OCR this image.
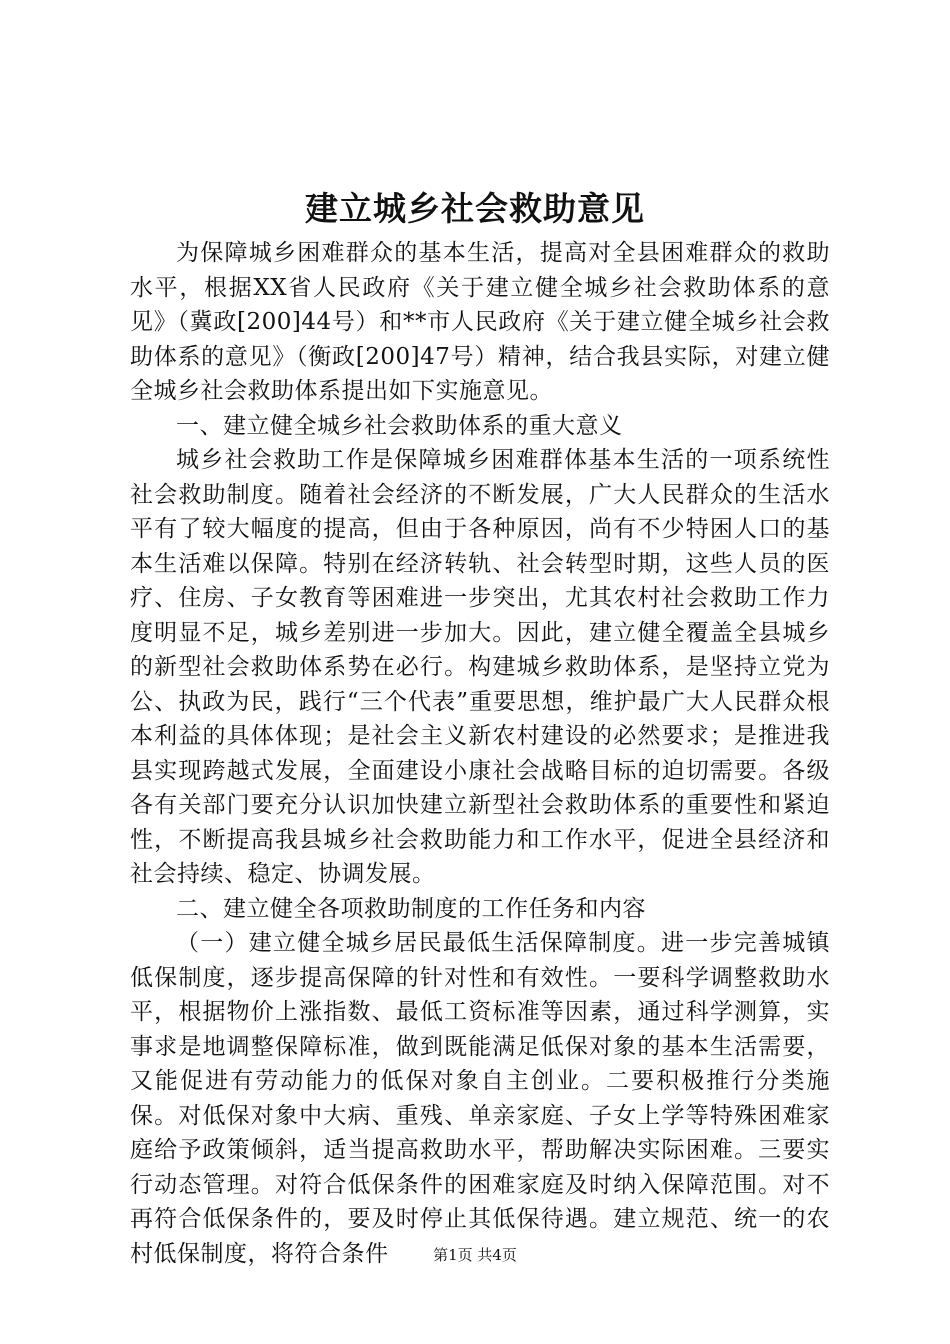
建立城乡社会救助意见

为保障城乡困难群众的基本生活，提高对全县困难群众的救助水平，根据XX省人民政府《关于建立健全城乡社会救助体系的意见》（冀政[200]44号）和**市人民政府《关于建立健全城乡社会救助体系的意见》（衡政[200]47号）精神，结合我县实际，对建立健全城乡社会救助体系提出如下实施意见。

一、建立健全城乡社会救助体系的重大意义

城乡社会救助工作是保障城乡困难群体基本生活的一项系统性社会救助制度。随着社会经济的不断发展，广大人民群众的生活水平有了较大幅度的提高，但由于各种原因，尚有不少特困人口的基本生活难以保障。特别在经济转轨、社会转型时期，这些人员的医疗、住房、子女教育等困难进一步突出，尤其农村社会救助工作力度明显不足，城乡差别进一步加大。因此，建立健全覆盖全县城乡的新型社会救助体系势在必行。构建城乡救助体系，是坚持立党为公、执政为民，践行“三个代表”重要思想，维护最广大人民群众根本利益的具体体现；是社会主义新农村建设的必然要求；是推进我县实现跨越式发展，全面建设小康社会战略目标的迫切需要。各级各有关部门要充分认识加快建立新型社会救助体系的重要性和紧迫性，不断提高我县城乡社会救助能力和工作水平，促进全县经济和社会持续、稳定、协调发展。

二、建立健全各项救助制度的工作任务和内容

（一）建立健全城乡居民最低生活保障制度。进一步完善城镇低保制度，逐步提高保障的针对性和有效性。一要科学调整救助水平，根据物价上涨指数、最低工资标准等因素，通过科学测算，实事求是地调整保障标准，做到既能满足低保对象的基本生活需要，又能促进有劳动能力的低保对象自主创业。二要积极推行分类施保。对低保对象中大病、重残、单亲家庭、子女上学等特殊困难家庭给予政策倾斜，适当提高救助水平，帮助解决实际困难。三要实行动态管理。对符合低保条件的困难家庭及时纳入保障范围。对不再符合低保条件的，要及时停止其低保待遇。建立规范、统一的农村低保制度，将符合条件	第1页 共4页
